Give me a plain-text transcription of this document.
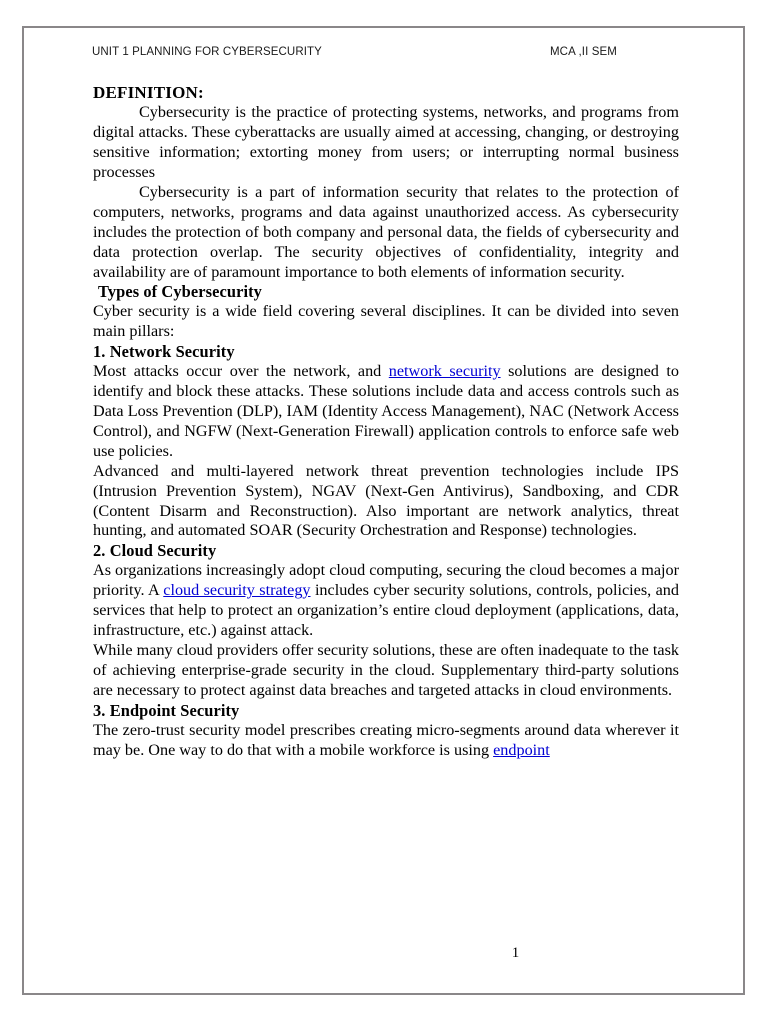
UNIT 1 PLANNING FOR CYBERSECURITY	MCA ,II SEM
DEFINITION:

Cybersecurity is the practice of protecting systems, networks, and programs from digital attacks. These cyberattacks are usually aimed at accessing, changing, or destroying sensitive information; extorting money from users; or interrupting normal business processes

Cybersecurity is a part of information security that relates to the protection of computers, networks, programs and data against unauthorized access. As cybersecurity includes the protection of both company and personal data, the fields of cybersecurity and data protection overlap. The security objectives of confidentiality, integrity and availability are of paramount importance to both elements of information security.

Types of Cybersecurity

Cyber security is a wide field covering several disciplines. It can be divided into seven main pillars:

1. Network Security

Most attacks occur over the network, and network security solutions are designed to identify and block these attacks. These solutions include data and access controls such as Data Loss Prevention (DLP), IAM (Identity Access Management), NAC (Network Access Control), and NGFW (Next-Generation Firewall) application controls to enforce safe web use policies.

Advanced and multi-layered network threat prevention technologies include IPS (Intrusion Prevention System), NGAV (Next-Gen Antivirus), Sandboxing, and CDR (Content Disarm and Reconstruction). Also important are network analytics, threat hunting, and automated SOAR (Security Orchestration and Response) technologies.

2. Cloud Security

As organizations increasingly adopt cloud computing, securing the cloud becomes a major priority. A cloud security strategy includes cyber security solutions, controls, policies, and services that help to protect an organization’s entire cloud deployment (applications, data, infrastructure, etc.) against attack.

While many cloud providers offer security solutions, these are often inadequate to the task of achieving enterprise-grade security in the cloud. Supplementary third-party solutions are necessary to protect against data breaches and targeted attacks in cloud environments.

3. Endpoint Security

The zero-trust security model prescribes creating micro-segments around data wherever it may be. One way to do that with a mobile workforce is using endpoint

1
